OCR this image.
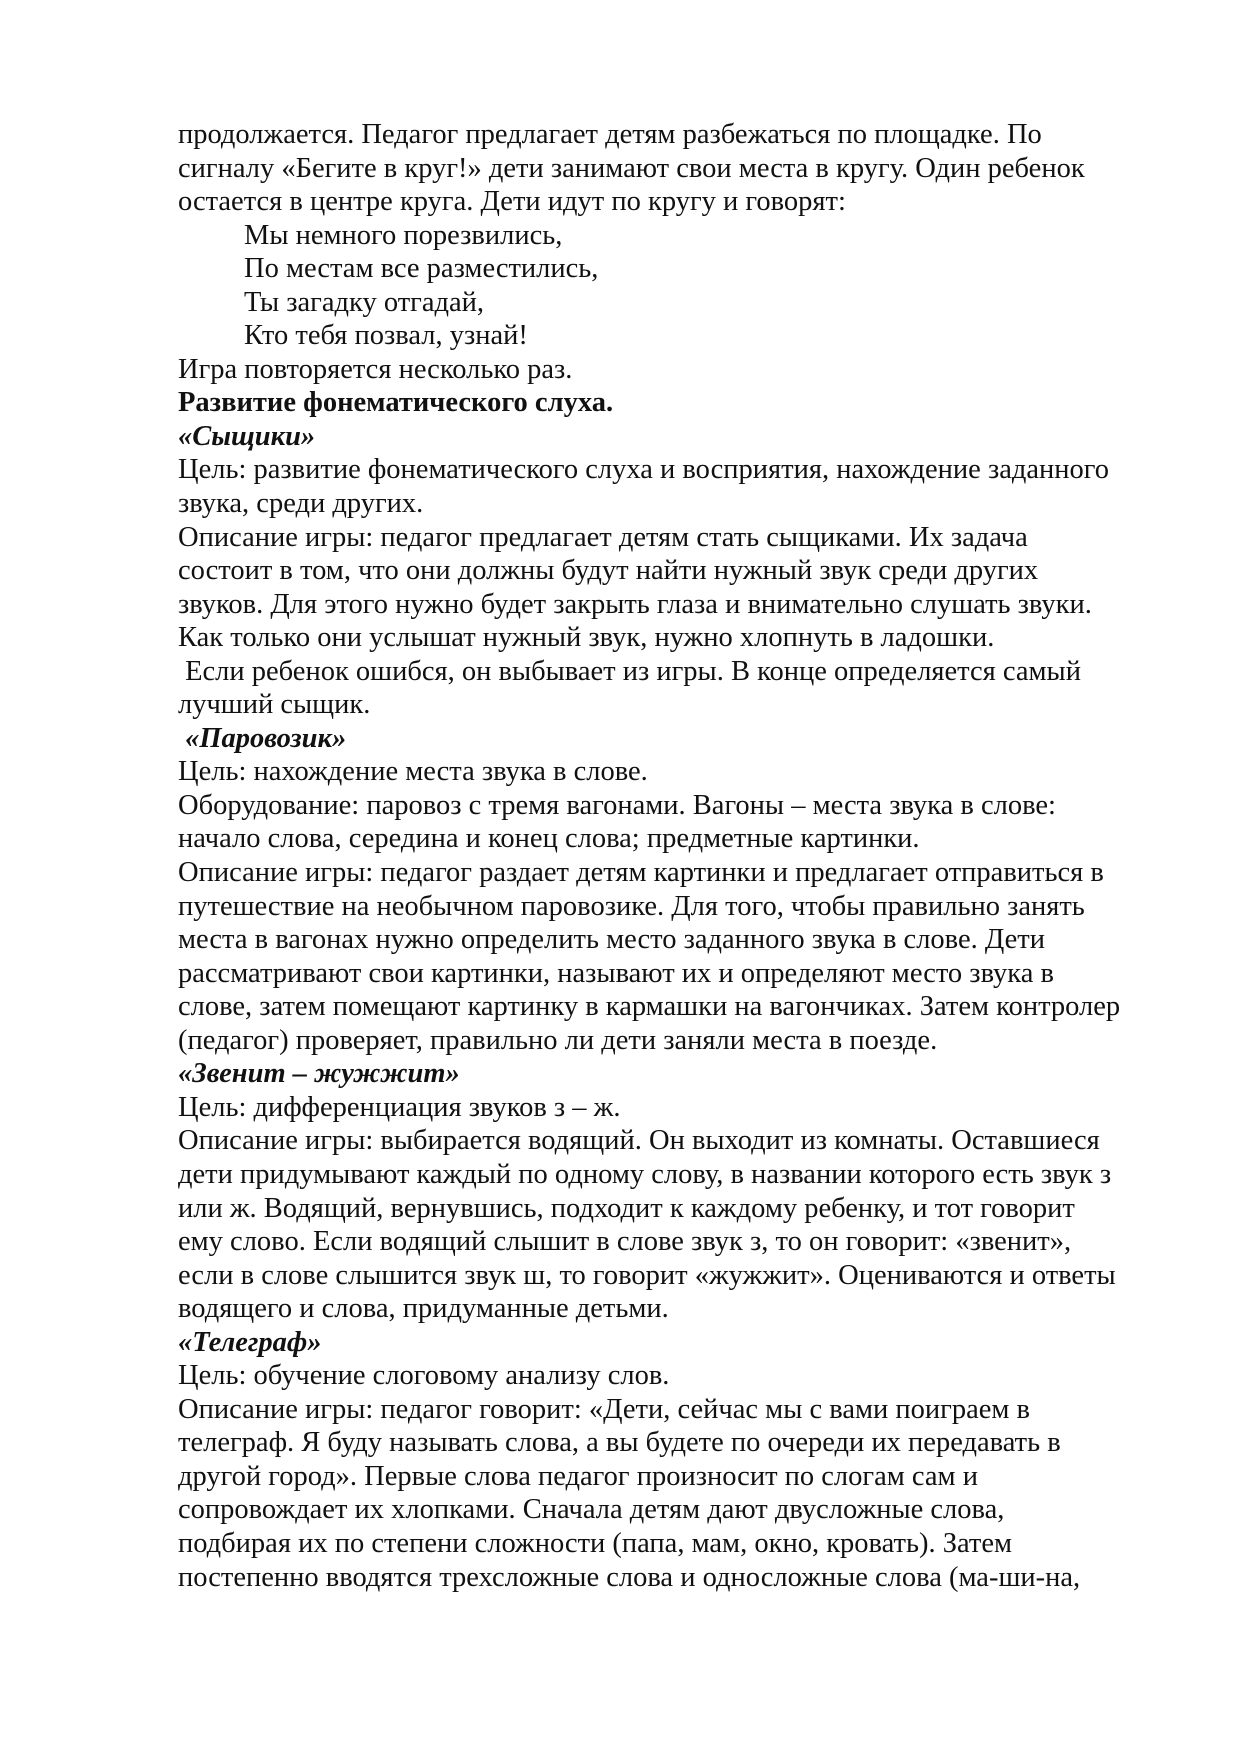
продолжается. Педагог предлагает детям разбежаться по площадке. По
сигналу «Бегите в круг!» дети занимают свои места в кругу. Один ребенок
остается в центре круга. Дети идут по кругу и говорят:
Мы немного порезвились,
По местам все разместились,
Ты загадку отгадай,
Кто тебя позвал, узнай!
Игра повторяется несколько раз.
Развитие фонематического слуха.
«Сыщики»
Цель: развитие фонематического слуха и восприятия, нахождение заданного
звука, среди других.
Описание игры: педагог предлагает детям стать сыщиками. Их задача
состоит в том, что они должны будут найти нужный звук среди других
звуков. Для этого нужно будет закрыть глаза и внимательно слушать звуки.
Как только они услышат нужный звук, нужно хлопнуть в ладошки.
Если ребенок ошибся, он выбывает из игры. В конце определяется самый
лучший сыщик.
«Паровозик»
Цель: нахождение места звука в слове.
Оборудование: паровоз с тремя вагонами. Вагоны – места звука в слове:
начало слова, середина и конец слова; предметные картинки.
Описание игры: педагог раздает детям картинки и предлагает отправиться в
путешествие на необычном паровозике. Для того, чтобы правильно занять
места в вагонах нужно определить место заданного звука в слове. Дети
рассматривают свои картинки, называют их и определяют место звука в
слове, затем помещают картинку в кармашки на вагончиках. Затем контролер
(педагог) проверяет, правильно ли дети заняли места в поезде.
«Звенит – жужжит»
Цель: дифференциация звуков з – ж.
Описание игры: выбирается водящий. Он выходит из комнаты. Оставшиеся
дети придумывают каждый по одному слову, в названии которого есть звук з
или ж. Водящий, вернувшись, подходит к каждому ребенку, и тот говорит
ему слово. Если водящий слышит в слове звук з, то он говорит: «звенит»,
если в слове слышится звук ш, то говорит «жужжит». Оцениваются и ответы
водящего и слова, придуманные детьми.
«Телеграф»
Цель: обучение слоговому анализу слов.
Описание игры: педагог говорит: «Дети, сейчас мы с вами поиграем в
телеграф. Я буду называть слова, а вы будете по очереди их передавать в
другой город». Первые слова педагог произносит по слогам сам и
сопровождает их хлопками. Сначала детям дают двусложные слова,
подбирая их по степени сложности (папа, мам, окно, кровать). Затем
постепенно вводятся трехсложные слова и односложные слова (ма-ши-на,
